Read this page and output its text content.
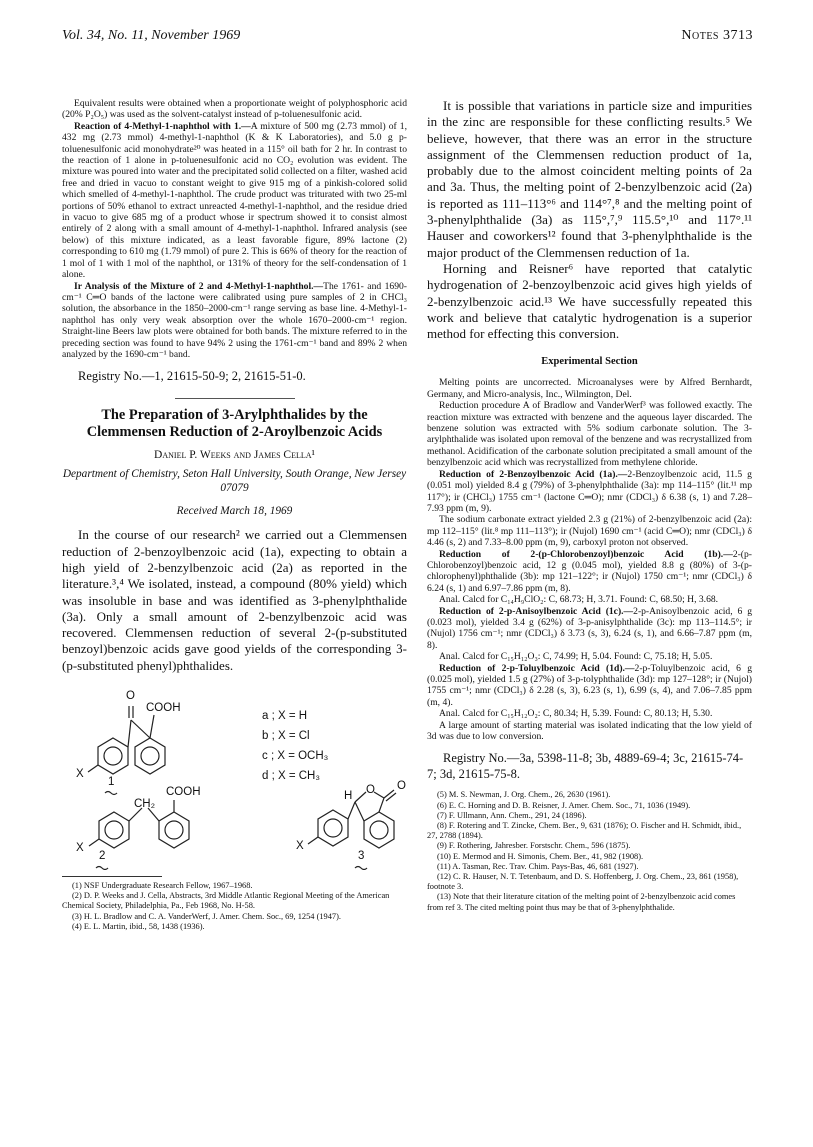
Vol. 34, No. 11, November 1969	Notes 3713

Equivalent results were obtained when a proportionate weight of polyphosphoric acid (20% P₂O₅) was used as the solvent-catalyst instead of p-toluenesulfonic acid.

Reaction of 4-Methyl-1-naphthol with 1.—A mixture of 500 mg (2.73 mmol) of 1, 432 mg (2.73 mmol) 4-methyl-1-naphthol (K & K Laboratories), and 5.0 g p-toluenesulfonic acid monohydrate²⁰ was heated in a 115° oil bath for 2 hr. In contrast to the reaction of 1 alone in p-toluenesulfonic acid no CO₂ evolution was evident. The mixture was poured into water and the precipitated solid collected on a filter, washed acid free and dried in vacuo to constant weight to give 915 mg of a pinkish-colored solid which smelled of 4-methyl-1-naphthol. The crude product was triturated with two 25-ml portions of 50% ethanol to extract unreacted 4-methyl-1-naphthol, and the residue dried in vacuo to give 685 mg of a product whose ir spectrum showed it to consist almost entirely of 2 along with a small amount of 4-methyl-1-naphthol. Infrared analysis (see below) of this mixture indicated, as a least favorable figure, 89% lactone (2) corresponding to 610 mg (1.79 mmol) of pure 2. This is 66% of theory for the reaction of 1 mol of 1 with 1 mol of the naphthol, or 131% of theory for the self-condensation of 1 alone.

Ir Analysis of the Mixture of 2 and 4-Methyl-1-naphthol.—The 1761- and 1690-cm⁻¹ C═O bands of the lactone were calibrated using pure samples of 2 in CHCl₃ solution, the absorbance in the 1850–2000-cm⁻¹ range serving as base line. 4-Methyl-1-naphthol has only very weak absorption over the whole 1670–2000-cm⁻¹ region. Straight-line Beers law plots were obtained for both bands. The mixture referred to in the preceding section was found to have 94% 2 using the 1761-cm⁻¹ band and 89% 2 when analyzed by the 1690-cm⁻¹ band.

Registry No.—1, 21615-50-9; 2, 21615-51-0.
The Preparation of 3-Arylphthalides by the Clemmensen Reduction of 2-Aroylbenzoic Acids
Daniel P. Weeks and James Cella¹
Department of Chemistry, Seton Hall University, South Orange, New Jersey 07079
Received March 18, 1969

In the course of our research² we carried out a Clemmensen reduction of 2-benzoylbenzoic acid (1a), expecting to obtain a high yield of 2-benzylbenzoic acid (2a) as reported in the literature.³,⁴ We isolated, instead, a compound (80% yield) which was insoluble in base and was identified as 3-phenylphthalide (3a). Only a small amount of 2-benzylbenzoic acid was recovered. Clemmensen reduction of several 2-(p-substituted benzoyl)benzoic acids gave good yields of the corresponding 3-(p-substituted phenyl)phthalides.

O
COOH
X
1
a ; X = H
b ; X = Cl
c ; X = OCH₃
d ; X = CH₃
COOH
CH₂
X
2
H O O
X
3

(1) NSF Undergraduate Research Fellow, 1967–1968.

(2) D. P. Weeks and J. Cella, Abstracts, 3rd Middle Atlantic Regional Meeting of the American Chemical Society, Philadelphia, Pa., Feb 1968, No. H-58.

(3) H. L. Bradlow and C. A. VanderWerf, J. Amer. Chem. Soc., 69, 1254 (1947).

(4) E. L. Martin, ibid., 58, 1438 (1936).

It is possible that variations in particle size and impurities in the zinc are responsible for these conflicting results.⁵ We believe, however, that there was an error in the structure assignment of the Clemmensen reduction product of 1a, probably due to the almost coincident melting points of 2a and 3a. Thus, the melting point of 2-benzylbenzoic acid (2a) is reported as 111–113°⁶ and 114°⁷,⁸ and the melting point of 3-phenylphthalide (3a) as 115°,⁷,⁹ 115.5°,¹⁰ and 117°.¹¹ Hauser and coworkers¹² found that 3-phenylphthalide is the major product of the Clemmensen reduction of 1a.

Horning and Reisner⁶ have reported that catalytic hydrogenation of 2-benzoylbenzoic acid gives high yields of 2-benzylbenzoic acid.¹³ We have successfully repeated this work and believe that catalytic hydrogenation is a superior method for effecting this conversion.

Experimental Section

Melting points are uncorrected. Microanalyses were by Alfred Bernhardt, Germany, and Micro-analysis, Inc., Wilmington, Del.

Reduction procedure A of Bradlow and VanderWerf³ was followed exactly. The reaction mixture was extracted with benzene and the aqueous layer discarded. The benzene solution was extracted with 5% sodium carbonate solution. The 3-arylphthalide was isolated upon removal of the benzene and was recrystallized from methanol. Acidification of the carbonate solution precipitated a small amount of the benzylbenzoic acid which was recrystallized from methylene chloride.

Reduction of 2-Benzoylbenzoic Acid (1a).—2-Benzoylbenzoic acid, 11.5 g (0.051 mol) yielded 8.4 g (79%) of 3-phenylphthalide (3a): mp 114–115° (lit.¹¹ mp 117°); ir (CHCl₃) 1755 cm⁻¹ (lactone C═O); nmr (CDCl₃) δ 6.38 (s, 1) and 7.28–7.93 ppm (m, 9).

The sodium carbonate extract yielded 2.3 g (21%) of 2-benzylbenzoic acid (2a): mp 112–115° (lit.⁸ mp 111–113°); ir (Nujol) 1690 cm⁻¹ (acid C═O); nmr (CDCl₃) δ 4.46 (s, 2) and 7.33–8.00 ppm (m, 9), carboxyl proton not observed.

Reduction of 2-(p-Chlorobenzoyl)benzoic Acid (1b).—2-(p-Chlorobenzoyl)benzoic acid, 12 g (0.045 mol), yielded 8.8 g (80%) of 3-(p-chlorophenyl)phthalide (3b): mp 121–122°; ir (Nujol) 1750 cm⁻¹; nmr (CDCl₃) δ 6.24 (s, 1) and 6.97–7.86 ppm (m, 8).

Anal. Calcd for C₁₄H₉ClO₂: C, 68.73; H, 3.71. Found: C, 68.50; H, 3.68.

Reduction of 2-p-Anisoylbenzoic Acid (1c).—2-p-Anisoylbenzoic acid, 6 g (0.023 mol), yielded 3.4 g (62%) of 3-p-anisylphthalide (3c): mp 113–114.5°; ir (Nujol) 1756 cm⁻¹; nmr (CDCl₃) δ 3.73 (s, 3), 6.24 (s, 1), and 6.66–7.87 ppm (m, 8).

Anal. Calcd for C₁₅H₁₂O₃: C, 74.99; H, 5.04. Found: C, 75.18; H, 5.05.

Reduction of 2-p-Toluylbenzoic Acid (1d).—2-p-Toluylbenzoic acid, 6 g (0.025 mol), yielded 1.5 g (27%) of 3-p-tolyphthalide (3d): mp 127–128°; ir (Nujol) 1755 cm⁻¹; nmr (CDCl₃) δ 2.28 (s, 3), 6.23 (s, 1), 6.99 (s, 4), and 7.06–7.85 ppm (m, 4).

Anal. Calcd for C₁₅H₁₂O₂: C, 80.34; H, 5.39. Found: C, 80.13; H, 5.30.

A large amount of starting material was isolated indicating that the low yield of 3d was due to low conversion.

Registry No.—3a, 5398-11-8; 3b, 4889-69-4; 3c, 21615-74-7; 3d, 21615-75-8.

(5) M. S. Newman, J. Org. Chem., 26, 2630 (1961).

(6) E. C. Horning and D. B. Reisner, J. Amer. Chem. Soc., 71, 1036 (1949).

(7) F. Ullmann, Ann. Chem., 291, 24 (1896).

(8) F. Rotering and T. Zincke, Chem. Ber., 9, 631 (1876); O. Fischer and H. Schmidt, ibid., 27, 2788 (1894).

(9) F. Rothering, Jahresber. Forstschr. Chem., 596 (1875).

(10) E. Mermod and H. Simonis, Chem. Ber., 41, 982 (1908).

(11) A. Tasman, Rec. Trav. Chim. Pays-Bas, 46, 681 (1927).

(12) C. R. Hauser, N. T. Tetenbaum, and D. S. Hoffenberg, J. Org. Chem., 23, 861 (1958), footnote 3.

(13) Note that their literature citation of the melting point of 2-benzylbenzoic acid comes from ref 3. The cited melting point thus may be that of 3-phenylphthalide.
